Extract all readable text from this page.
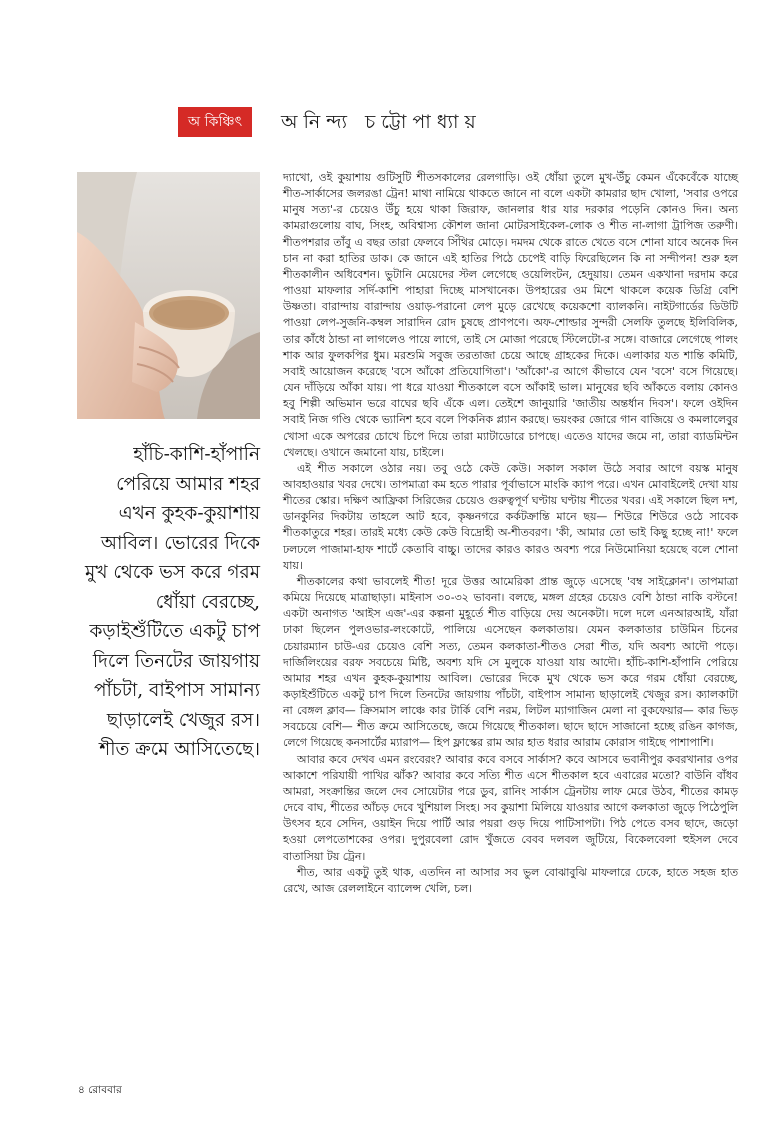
অ কিঞ্চিৎ	অনিন্দ্য চট্টোপাধ্যায়
হাঁচি-কাশি-হাঁপানি পেরিয়ে আমার শহর এখন কুহক-কুয়াশায় আবিল। ভোরের দিকে মুখ থেকে ভস করে গরম ধোঁয়া বেরচ্ছে, কড়াইশুঁটিতে একটু চাপ দিলে তিনটের জায়গায় পাঁচটা, বাইপাস সামান্য ছাড়ালেই খেজুর রস। শীত ক্রমে আসিতেছে।

দ্যাখো, ওই কুয়াশায় গুটিসুটি শীতসকালের রেলগাড়ি। ওই ধোঁয়া তুলে মুখ-উঁচু কেমন এঁকেবেঁকে যাচ্ছে শীত-সার্কাসের জলরঙা ট্রেন! মাথা নামিয়ে থাকতে জানে না বলে একটা কামরার ছাদ খোলা, 'সবার ওপরে মানুষ সত্য'-র চেয়েও উঁচু হয়ে থাকা জিরাফ, জানলার ধার যার দরকার পড়েনি কোনও দিন। অন্য কামরাগুলোয় বাঘ, সিংহ, অবিশ্বাস্য কৌশল জানা মোটরসাইকেল-লোক ও শীত না-লাগা ট্রাপিজ তরুণী। শীতপশরার তাঁবু এ বছর তারা ফেলবে সিঁথির মোড়ে। দমদম থেকে রাতে খেতে বসে শোনা যাবে অনেক দিন চান না করা হাতির ডাক। কে জানে এই হাতির পিঠে চেপেই বাড়ি ফিরেছিলেন কি না সন্দীপন! শুরু হল শীতকালীন অধিবেশন। ভুটানি মেয়েদের স্টল লেগেছে ওয়েলিংটন, হেদুয়ায়। তেমন একখানা দরদাম করে পাওয়া মাফলার সর্দি-কাশি পাহারা দিচ্ছে মাসখানেক। উপহারের ওম মিশে থাকলে কয়েক ডিগ্রি বেশি উষ্ণতা। বারান্দায় বারান্দায় ওয়াড়-পরানো লেপ মুড়ে রেখেছে কয়েকশো ব্যালকনি। নাইটগার্ডের ডিউটি পাওয়া লেপ-সুজনি-কম্বল সারাদিন রোদ চুষছে প্রাণপণে। অফ-শোল্ডার সুন্দরী সেলফি তুলছে ইলিবিলিক, তার কাঁধে ঠান্ডা না লাগলেও পায়ে লাগে, তাই সে মোজা পরেছে স্টিলেটো-র সঙ্গে। বাজারে লেগেছে পালং শাক আর ফুলকপির ধুম। মরশুমি সবুজ তরতাজা চেয়ে আছে গ্রাহকের দিকে। এলাকার যত শান্তি কমিটি, সবাই আয়োজন করেছে 'বসে আঁকো প্রতিযোগিতা'। 'আঁকো'-র আগে কীভাবে যেন 'বসে' বসে গিয়েছে। যেন দাঁড়িয়ে আঁকা যায়। পা ধরে যাওয়া শীতকালে বসে আঁকাই ভাল। মানুষের ছবি আঁকতে বলায় কোনও হবু শিল্পী অভিমান ভরে বাঘের ছবি এঁকে এল। তেইশে জানুয়ারি 'জাতীয় অন্তর্ধান দিবস'। ফলে ওইদিন সবাই নিজ গণ্ডি থেকে ভ্যানিশ হবে বলে পিকনিক প্ল্যান করছে। ভয়ংকর জোরে গান বাজিয়ে ও কমলালেবুর খোসা একে অপরের চোখে চিপে দিয়ে তারা ম্যাটাডোরে চাপছে। এতেও যাদের জমে না, তারা ব্যাডমিন্টন খেলছে। ওখানে জমানো যায়, চাইলে।

এই শীত সকালে ওঠার নয়। তবু ওঠে কেউ কেউ। সকাল সকাল উঠে সবার আগে বয়স্ক মানুষ আবহাওয়ার খবর দেখে। তাপমাত্রা কম হতে পারার পূর্বাভাসে মাংকি ক্যাপ পরে। এখন মোবাইলেই দেখা যায় শীতের স্কোর। দক্ষিণ আফ্রিকা সিরিজের চেয়েও গুরুত্বপূর্ণ ঘণ্টায় ঘণ্টায় শীতের খবর। এই সকালে ছিল দশ, ডানকুনির দিকটায় তাহলে আট হবে, কৃষ্ণনগরে কর্কটক্রান্তি মানে ছয়— শিউরে শিউরে ওঠে সাবেক শীতকাতুরে শহর। তারই মধ্যে কেউ কেউ বিদ্রোহী অ-শীতবরণ। 'কী, আমার তো ভাই কিছু হচ্ছে না!' ফলে ঢলঢলে পাজামা-হাফ শার্টে কেতাবি বাচ্চু। তাদের কারও কারও অবশ্য পরে নিউমোনিয়া হয়েছে বলে শোনা যায়।

শীতকালের কথা ভাবলেই শীত! দূরে উত্তর আমেরিকা প্রান্ত জুড়ে এসেছে 'বম্ব সাইক্লোন'। তাপমাত্রা কমিয়ে দিয়েছে মাত্রাছাড়া। মাইনাস ৩০-৩২ ভাবনা। বলছে, মঙ্গল গ্রহের চেয়েও বেশি ঠান্ডা নাকি বস্টনে! একটা অনাগত 'আইস এজ'-এর কল্পনা মুহূর্তে শীত বাড়িয়ে দেয় অনেকটা। দলে দলে এনআরআই, যাঁরা ঢাকা ছিলেন পুলওভার-লংকোটে, পালিয়ে এসেছেন কলকাতায়। যেমন কলকাতার চাউমিন চিনের চেয়ারম্যান চাউ-এর চেয়েও বেশি সত্য, তেমন কলকাতা-শীতও সেরা শীত, যদি অবশ্য আদৌ পড়ে। দার্জিলিংয়ের বরফ সবচেয়ে মিষ্টি, অবশ্য যদি সে মুলুকে যাওয়া যায় আদৌ। হাঁচি-কাশি-হাঁপানি পেরিয়ে আমার শহর এখন কুহক-কুয়াশায় আবিল। ভোরের দিকে মুখ থেকে ভস করে গরম ধোঁয়া বেরচ্ছে, কড়াইশুঁটিতে একটু চাপ দিলে তিনটের জায়গায় পাঁচটা, বাইপাস সামান্য ছাড়ালেই খেজুর রস। ক্যালকাটা না বেঙ্গল ক্লাব— ক্রিসমাস লাঞ্চে কার টার্কি বেশি নরম, লিটল ম্যাগাজিন মেলা না বুকফেয়ার— কার ভিড় সবচেয়ে বেশি— শীত ক্রমে আসিতেছে, জমে গিয়েছে শীতকাল। ছাদে ছাদে সাজানো হচ্ছে রঙিন কাগজ, লেগে গিয়েছে কনসার্টের ম্যারাপ— হিপ ফ্লাস্কের রাম আর হাত ধরার আরাম কোরাস গাইছে পাশাপাশি।

আবার কবে দেখব এমন রংবেরং? আবার কবে বসবে সার্কাস? কবে আসবে ভবানীপুর কবরখানার ওপর আকাশে পরিযায়ী পাখির ঝাঁক? আবার কবে সত্যি শীত এসে শীতকাল হবে এবারের মতো? বাউনি বাঁধব আমরা, সংক্রান্তির জলে দেব সোয়েটার পরে ডুব, রানিং সার্কাস ট্রেনটায় লাফ মেরে উঠব, শীতের কামড় দেবে বাঘ, শীতের আঁচড় দেবে খুশিয়াল সিংহ। সব কুয়াশা মিলিয়ে যাওয়ার আগে কলকাতা জুড়ে পিঠেপুলি উৎসব হবে সেদিন, ওয়াইন দিয়ে পার্টি আর পয়রা গুড় দিয়ে পাটিসাপটা। পিঠ পেতে বসব ছাদে, জড়ো হওয়া লেপতোশকের ওপর। দুপুরবেলা রোদ খুঁজতে বেবব দলবল জুটিয়ে, বিকেলবেলা হুইসল দেবে বাতাসিয়া টয় ট্রেন।

শীত, আর একটু তুই থাক, এতদিন না আসার সব ভুল বোঝাবুঝি মাফলারে ঢেকে, হাতে সহজ হাত রেখে, আজ রেললাইনে ব্যালেন্স খেলি, চল।

৪ রোববার
